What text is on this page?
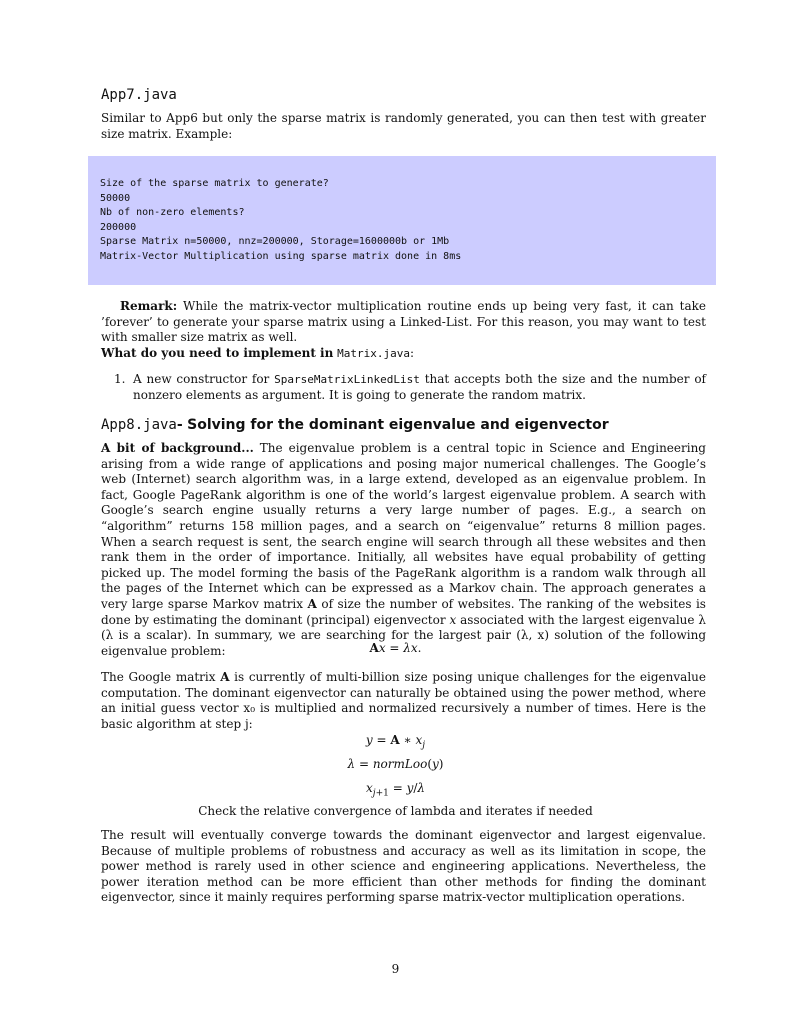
App7.java
Similar to App6 but only the sparse matrix is randomly generated, you can then test with greater size matrix. Example:
Size of the sparse matrix to generate?
50000
Nb of non-zero elements?
200000
Sparse Matrix n=50000, nnz=200000, Storage=1600000b or 1Mb
Matrix-Vector Multiplication using sparse matrix done in 8ms
Remark: While the matrix-vector multiplication routine ends up being very fast, it can take ’forever’ to generate your sparse matrix using a Linked-List. For this reason, you may want to test with smaller size matrix as well.
What do you need to implement in Matrix.java:
1. A new constructor for SparseMatrixLinkedList that accepts both the size and the number of nonzero elements as argument. It is going to generate the random matrix.
App8.java- Solving for the dominant eigenvalue and eigenvector
A bit of background... The eigenvalue problem is a central topic in Science and Engineering arising from a wide range of applications and posing major numerical challenges. The Google’s web (Internet) search algorithm was, in a large extend, developed as an eigenvalue problem. In fact, Google PageRank algorithm is one of the world’s largest eigenvalue problem. A search with Google’s search engine usually returns a very large number of pages. E.g., a search on “algorithm” returns 158 million pages, and a search on “eigenvalue” returns 8 million pages. When a search request is sent, the search engine will search through all these websites and then rank them in the order of importance. Initially, all websites have equal probability of getting picked up. The model forming the basis of the PageRank algorithm is a random walk through all the pages of the Internet which can be expressed as a Markov chain. The approach generates a very large sparse Markov matrix A of size the number of websites. The ranking of the websites is done by estimating the dominant (principal) eigenvector x associated with the largest eigenvalue λ (λ is a scalar). In summary, we are searching for the largest pair (λ, x) solution of the following eigenvalue problem:	Ax = λx.
The Google matrix A is currently of multi-billion size posing unique challenges for the eigenvalue computation. The dominant eigenvector can naturally be obtained using the power method, where an initial guess vector x₀ is multiplied and normalized recursively a number of times. Here is the basic algorithm at step j:
y = A ∗ $x_j$
λ = normLoo(y)
$x_{j+1} = y/\lambda$
Check the relative convergence of lambda and iterates if needed
The result will eventually converge towards the dominant eigenvector and largest eigenvalue. Because of multiple problems of robustness and accuracy as well as its limitation in scope, the power method is rarely used in other science and engineering applications. Nevertheless, the power iteration method can be more efficient than other methods for finding the dominant eigenvector, since it mainly requires performing sparse matrix-vector multiplication operations.
9
